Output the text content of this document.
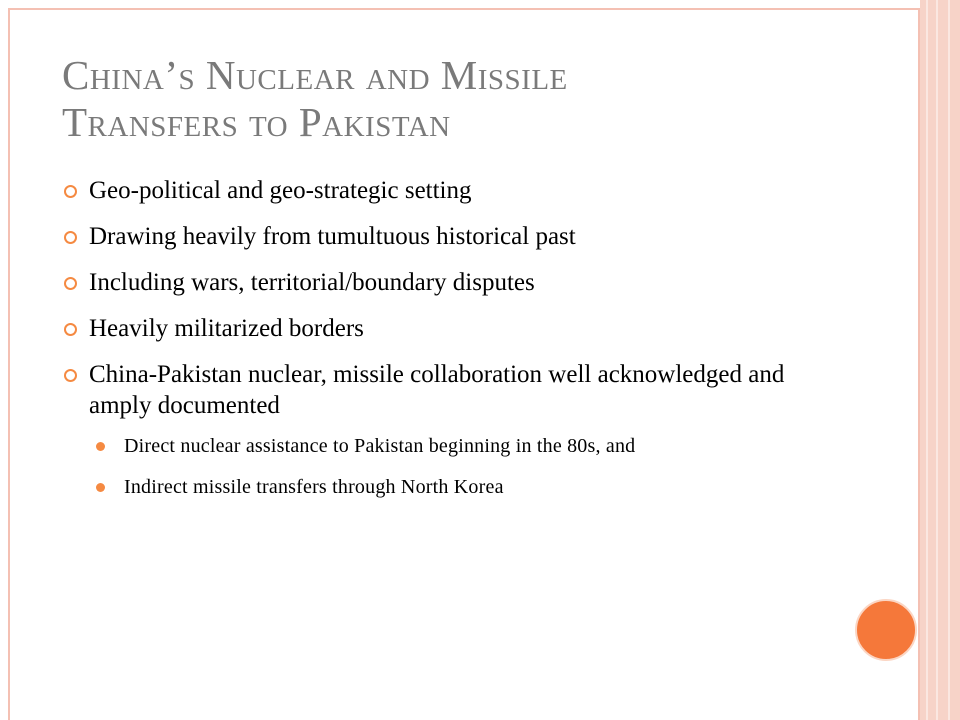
China’s Nuclear and Missile
Transfers to Pakistan
Geo-political and geo-strategic setting
Drawing heavily from tumultuous historical past
Including wars, territorial/boundary disputes
Heavily militarized borders
China-Pakistan nuclear, missile collaboration well acknowledged and amply documented
Direct nuclear assistance to Pakistan beginning in the 80s, and
Indirect missile transfers through North Korea
